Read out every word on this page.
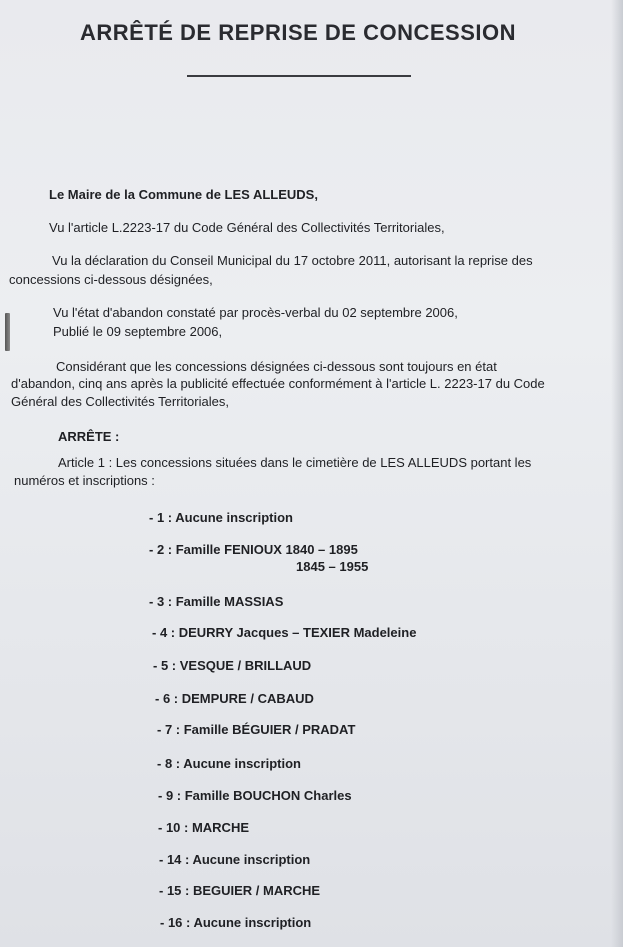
ARRÊTÉ DE REPRISE DE CONCESSION
Le Maire de la Commune de LES ALLEUDS,
Vu l'article L.2223-17 du Code Général des Collectivités Territoriales,
Vu la déclaration du Conseil Municipal du 17 octobre 2011, autorisant la reprise des
concessions ci-dessous désignées,
Vu l'état d'abandon constaté par procès-verbal du 02 septembre 2006,
Publié le 09 septembre 2006,
Considérant que les concessions désignées ci-dessous sont toujours en état
d'abandon, cinq ans après la publicité effectuée conformément à l'article L. 2223-17 du Code
Général des Collectivités Territoriales,
ARRÊTE :
Article 1 : Les concessions situées dans le cimetière de LES ALLEUDS portant les
numéros et inscriptions :
- 1 : Aucune inscription
- 2 : Famille FENIOUX 1840 – 1895
1845 – 1955
- 3 : Famille MASSIAS
- 4 : DEURRY Jacques – TEXIER Madeleine
- 5 : VESQUE / BRILLAUD
- 6 : DEMPURE / CABAUD
- 7 : Famille BÉGUIER / PRADAT
- 8 : Aucune inscription
- 9 : Famille BOUCHON Charles
- 10 : MARCHE
- 14 : Aucune inscription
- 15 : BEGUIER / MARCHE
- 16 : Aucune inscription
